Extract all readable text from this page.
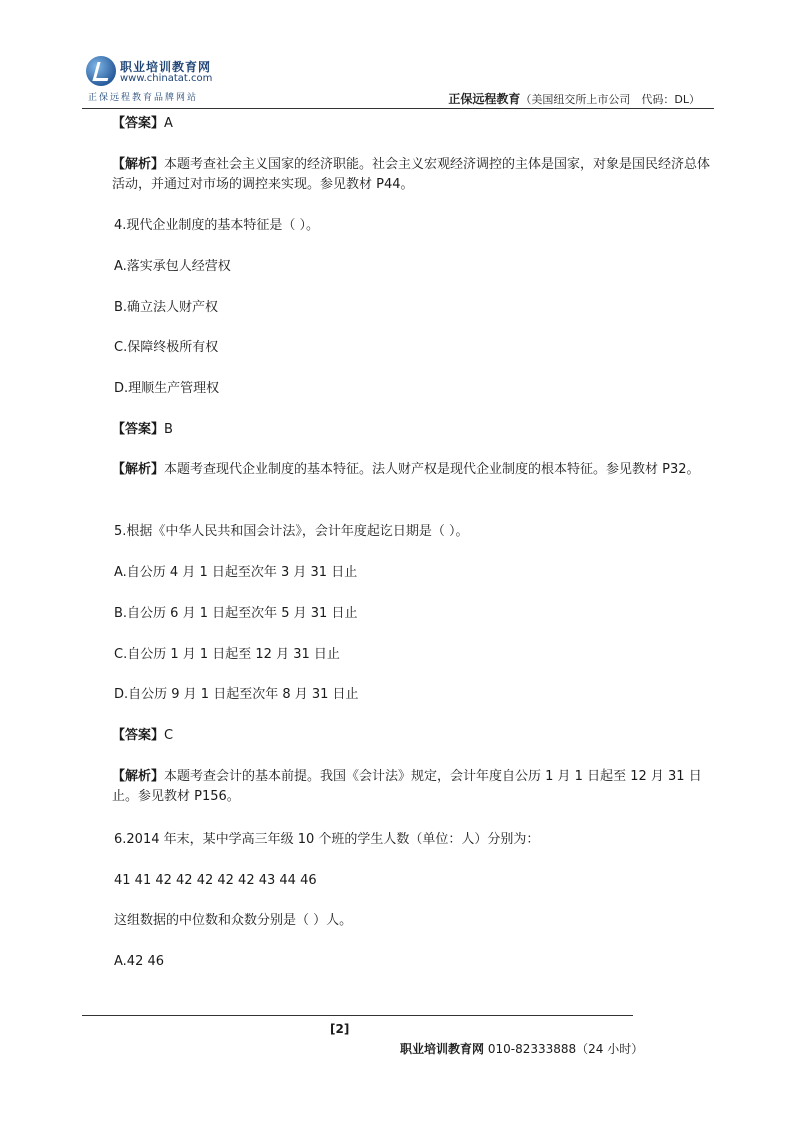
职业培训教育网
www.chinatat.com
正保远程教育品牌网站	正保远程教育（美国纽交所上市公司　代码：DL）
【答案】A
【解析】本题考查社会主义国家的经济职能。社会主义宏观经济调控的主体是国家，对象是国民经济总体活动，并通过对市场的调控来实现。参见教材 P44。
4.现代企业制度的基本特征是（ ）。
A.落实承包人经营权
B.确立法人财产权
C.保障终极所有权
D.理顺生产管理权
【答案】B
【解析】本题考查现代企业制度的基本特征。法人财产权是现代企业制度的根本特征。参见教材 P32。
5.根据《中华人民共和国会计法》，会计年度起讫日期是（ ）。
A.自公历 4 月 1 日起至次年 3 月 31 日止
B.自公历 6 月 1 日起至次年 5 月 31 日止
C.自公历 1 月 1 日起至 12 月 31 日止
D.自公历 9 月 1 日起至次年 8 月 31 日止
【答案】C
【解析】本题考查会计的基本前提。我国《会计法》规定，会计年度自公历 1 月 1 日起至 12 月 31 日止。参见教材 P156。
6.2014 年末，某中学高三年级 10 个班的学生人数（单位：人）分别为：
41 41 42 42 42 42 42 43 44 46
这组数据的中位数和众数分别是（ ）人。
A.42 46
[2]
职业培训教育网 010-82333888（24 小时）
